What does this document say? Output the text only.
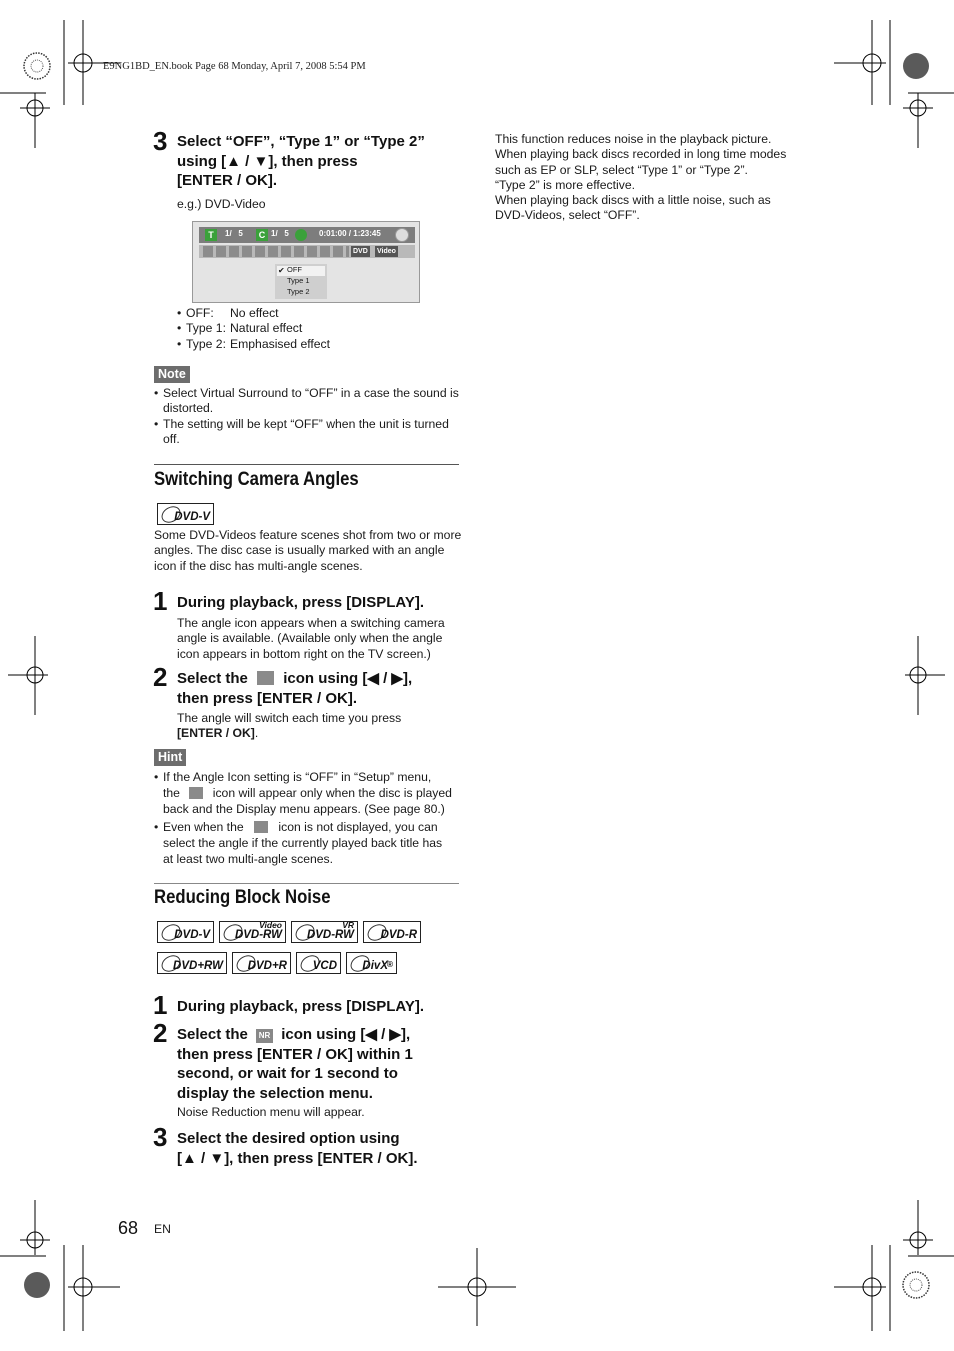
E9NG1BD_EN.book Page 68 Monday, April 7, 2008 5:54 PM
3 Select “OFF”, “Type 1” or “Type 2”
using [▲ / ▼], then press
[ENTER / OK].
e.g.) DVD-Video
T	1/   5	C 1/   5	0:01:00 / 1:23:45
DVD Video
✔ OFF
Type 1
Type 2
• OFF: No effect
• Type 1: Natural effect
• Type 2: Emphasised effect
Note
• Select Virtual Surround to “OFF” in a case the sound is distorted.
• The setting will be kept “OFF” when the unit is turned off.
Switching Camera Angles
DVD-V
Some DVD-Videos feature scenes shot from two or more angles. The disc case is usually marked with an angle icon if the disc has multi-angle scenes.
1 During playback, press [DISPLAY].
The angle icon appears when a switching camera angle is available. (Available only when the angle icon appears in bottom right on the TV screen.)
2 Select the icon using [◀ / ▶],
then press [ENTER / OK].
The angle will switch each time you press
[ENTER / OK].
Hint
• If the Angle Icon setting is “OFF” in “Setup” menu,
the	icon will appear only when the disc is played
back and the Display menu appears. (See page 80.)
• Even when the	icon is not displayed, you can
select the angle if the currently played back title has
at least two multi-angle scenes.
Reducing Block Noise
DVD-V
Video
DVD-RW
VR
DVD-RW DVD-R
DVD+RW DVD+R VCD DivX
®
1 During playback, press [DISPLAY].
2 Select the NR icon using [◀ / ▶],
then press [ENTER / OK] within 1
second, or wait for 1 second to
display the selection menu.
Noise Reduction menu will appear.
3 Select the desired option using
[▲ / ▼], then press [ENTER / OK].
This function reduces noise in the playback picture.
When playing back discs recorded in long time modes
such as EP or SLP, select “Type 1” or “Type 2”.
“Type 2” is more effective.
When playing back discs with a little noise, such as
DVD-Videos, select “OFF”.
68 EN
